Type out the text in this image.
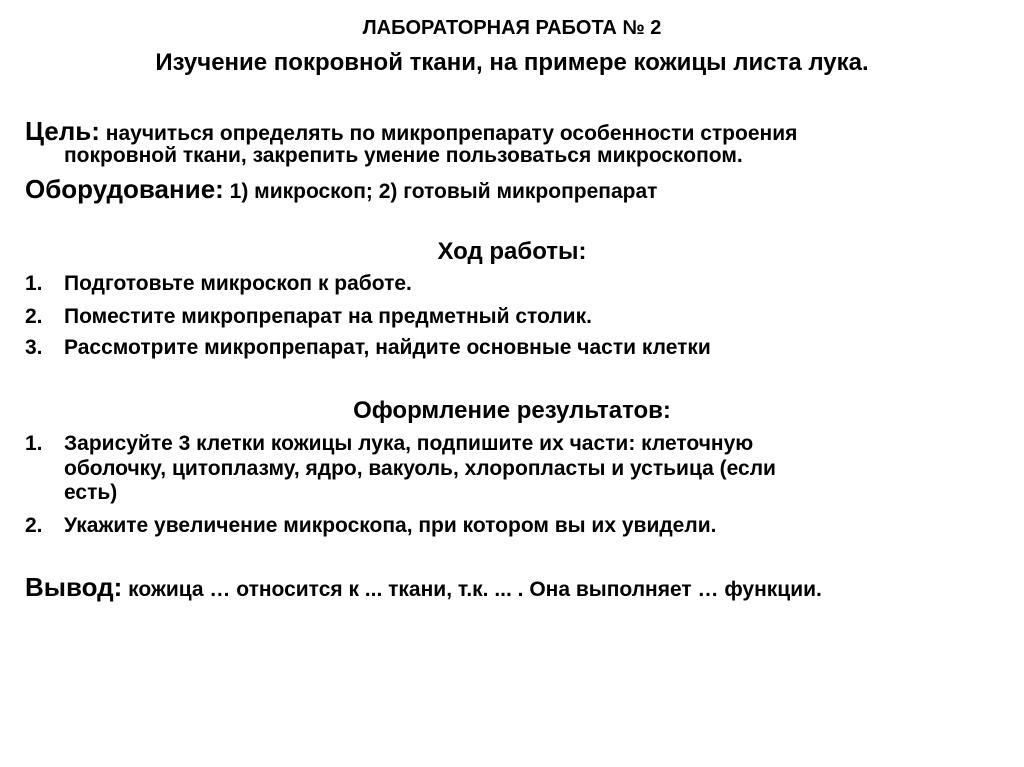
ЛАБОРАТОРНАЯ РАБОТА № 2
Изучение покровной ткани, на примере кожицы листа лука.
Цель: научиться определять по микропрепарату особенности строения
покровной ткани, закрепить умение пользоваться микроскопом.
Оборудование: 1) микроскоп; 2) готовый микропрепарат
Ход работы:
1.	Подготовьте микроскоп к работе.
2.	Поместите микропрепарат на предметный столик.
3.	Рассмотрите микропрепарат, найдите основные части клетки
Оформление результатов:
1.	Зарисуйте 3 клетки кожицы лука, подпишите их части: клеточную
оболочку, цитоплазму, ядро, вакуоль, хлоропласты и устьица (если
есть)
2.	Укажите увеличение микроскопа, при котором вы их увидели.
Вывод: кожица … относится к ... ткани, т.к. ... . Она выполняет … функции.
